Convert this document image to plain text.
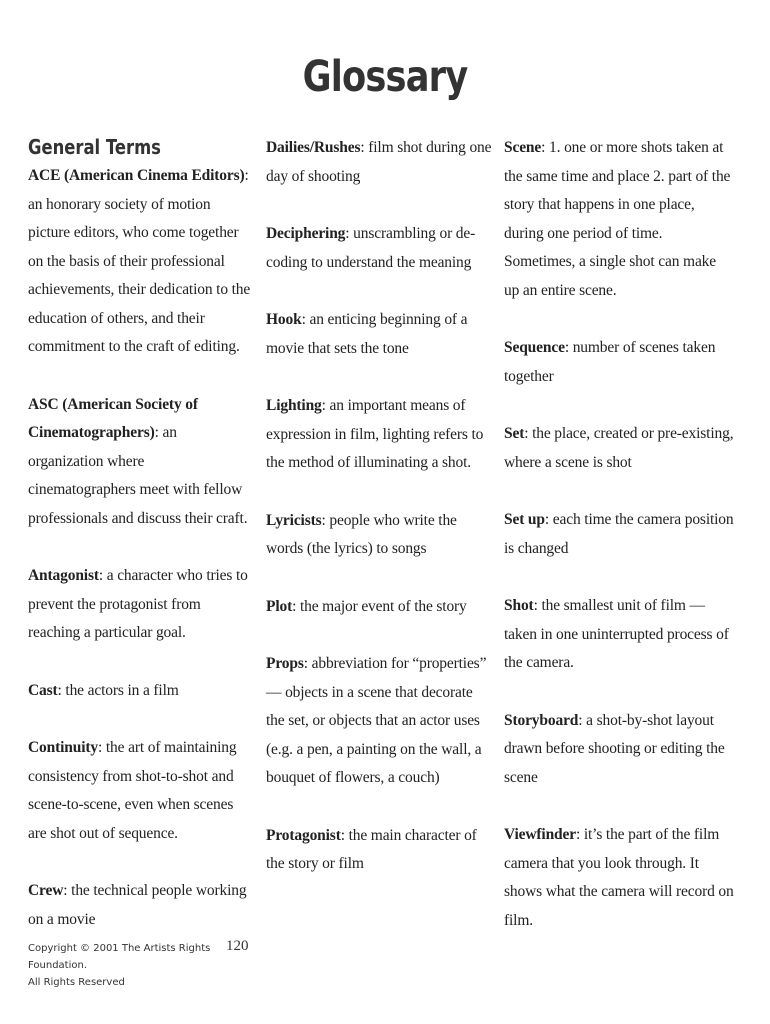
Glossary
General Terms
ACE (American Cinema Editors): an honorary society of motion picture editors, who come together on the basis of their professional achievements, their dedication to the education of others, and their commitment to the craft of editing.
ASC (American Society of Cinematographers): an organization where cinematographers meet with fellow professionals and discuss their craft.
Antagonist: a character who tries to prevent the protagonist from reaching a particular goal.
Cast: the actors in a film
Continuity: the art of maintaining consistency from shot-to-shot and scene-to-scene, even when scenes are shot out of sequence.
Crew: the technical people working on a movie
Dailies/Rushes: film shot during one day of shooting
Deciphering: unscrambling or de-coding to understand the meaning
Hook: an enticing beginning of a movie that sets the tone
Lighting: an important means of expression in film, lighting refers to the method of illuminating a shot.
Lyricists: people who write the words (the lyrics) to songs
Plot: the major event of the story
Props: abbreviation for “properties” — objects in a scene that decorate the set, or objects that an actor uses (e.g. a pen, a painting on the wall, a bouquet of flowers, a couch)
Protagonist: the main character of the story or film
Scene: 1. one or more shots taken at the same time and place 2. part of the story that happens in one place, during one period of time. Sometimes, a single shot can make up an entire scene.
Sequence: number of scenes taken together
Set: the place, created or pre-existing, where a scene is shot
Set up: each time the camera position is changed
Shot: the smallest unit of film — taken in one uninterrupted process of the camera.
Storyboard: a shot-by-shot layout drawn before shooting or editing the scene
Viewfinder: it’s the part of the film camera that you look through. It shows what the camera will record on film.
Copyright © 2001 The Artists Rights Foundation.
All Rights Reserved
120
